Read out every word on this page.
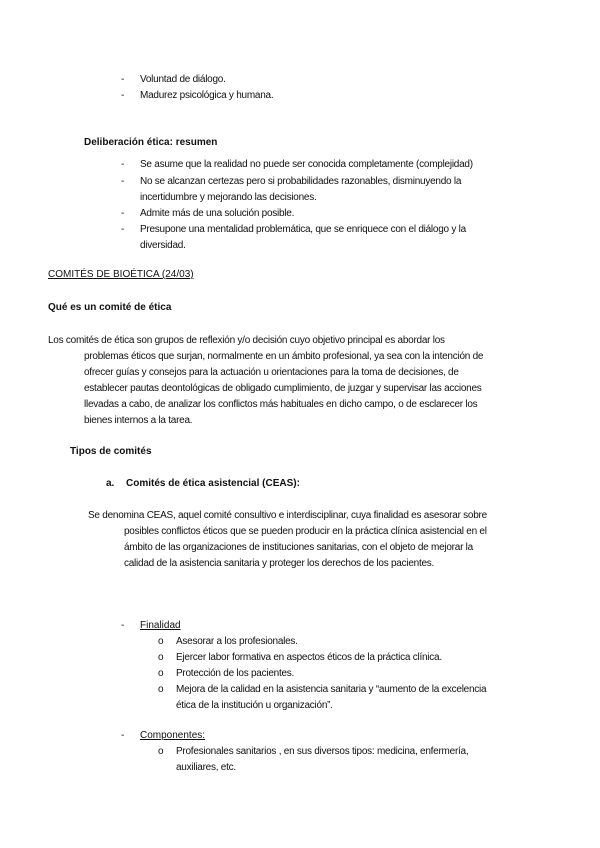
- Voluntad de diálogo.
- Madurez psicológica y humana.
Deliberación ética: resumen
- Se asume que la realidad no puede ser conocida completamente (complejidad)
- No se alcanzan certezas pero si probabilidades razonables, disminuyendo la
incertidumbre y mejorando las decisiones.
- Admite más de una solución posible.
- Presupone una mentalidad problemática, que se enriquece con el diálogo y la
diversidad.
COMITÉS DE BIOÉTICA (24/03)
Qué es un comité de ética
Los comités de ética son grupos de reflexión y/o decisión cuyo objetivo principal es abordar los
problemas éticos que surjan, normalmente en un ámbito profesional, ya sea con la intención de
ofrecer guías y consejos para la actuación u orientaciones para la toma de decisiones, de
establecer pautas deontológicas de obligado cumplimiento, de juzgar y supervisar las acciones
llevadas a cabo, de analizar los conflictos más habituales en dicho campo, o de esclarecer los
bienes internos a la tarea.
Tipos de comités
a. Comités de ética asistencial (CEAS):
Se denomina CEAS, aquel comité consultivo e interdisciplinar, cuya finalidad es asesorar sobre
posibles conflictos éticos que se pueden producir en la práctica clínica asistencial en el
ámbito de las organizaciones de instituciones sanitarias, con el objeto de mejorar la
calidad de la asistencia sanitaria y proteger los derechos de los pacientes.
- Finalidad
o Asesorar a los profesionales.
o Ejercer labor formativa en aspectos éticos de la práctica clínica.
o Protección de los pacientes.
o Mejora de la calidad en la asistencia sanitaria y “aumento de la excelencia
ética de la institución u organización”.
- Componentes:
o Profesionales sanitarios , en sus diversos tipos: medicina, enfermería,
auxiliares, etc.
